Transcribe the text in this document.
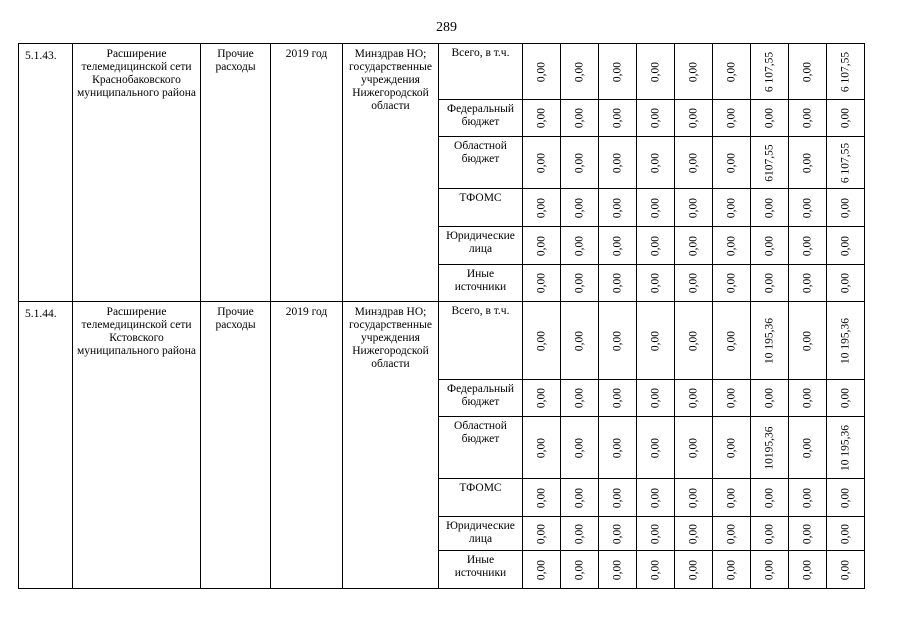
289
5.1.43.	Расширение телемедицинской сети Краснобаковского муниципального района	Прочие расходы	2019 год	Минздрав НО; государственные учреждения Нижегородской области	Всего, в т.ч.	0,00	0,00	0,00	0,00	0,00	0,00	6 107,55	0,00	6 107,55

					Федеральный бюджет	0,00	0,00	0,00	0,00	0,00	0,00	0,00	0,00	0,00

					Областной бюджет	0,00	0,00	0,00	0,00	0,00	0,00	6107,55	0,00	6 107,55

					ТФОМС	0,00	0,00	0,00	0,00	0,00	0,00	0,00	0,00	0,00

					Юридические лица	0,00	0,00	0,00	0,00	0,00	0,00	0,00	0,00	0,00

					Иные источники	0,00	0,00	0,00	0,00	0,00	0,00	0,00	0,00	0,00

5.1.44.	Расширение телемедицинской сети Кстовского муниципального района	Прочие расходы	2019 год	Минздрав НО; государственные учреждения Нижегородской области	Всего, в т.ч.	0,00	0,00	0,00	0,00	0,00	0,00	10 195,36	0,00	10 195,36

					Федеральный бюджет	0,00	0,00	0,00	0,00	0,00	0,00	0,00	0,00	0,00

					Областной бюджет	0,00	0,00	0,00	0,00	0,00	0,00	10195,36	0,00	10 195,36

					ТФОМС	0,00	0,00	0,00	0,00	0,00	0,00	0,00	0,00	0,00

					Юридические лица	0,00	0,00	0,00	0,00	0,00	0,00	0,00	0,00	0,00

					Иные источники	0,00	0,00	0,00	0,00	0,00	0,00	0,00	0,00	0,00
